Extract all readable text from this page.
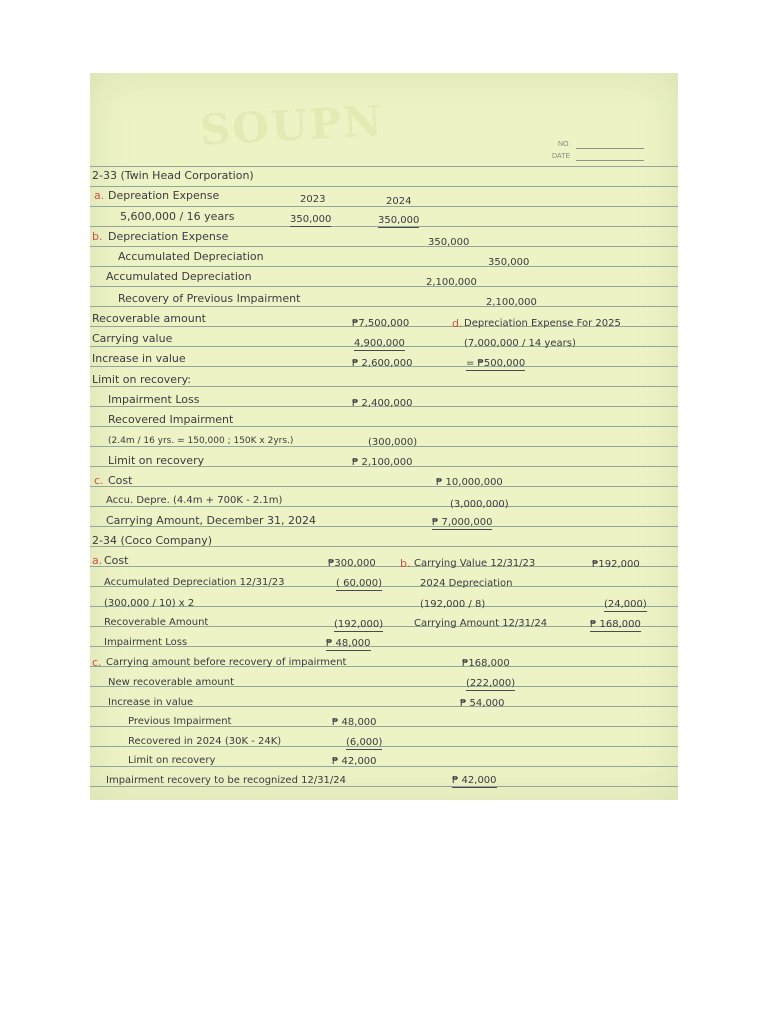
SOUPN	NO.
DATE
2-33 (Twin Head Corporation)
a. Depreation Expense	2023	2024
5,600,000 / 16 years	350,000	350,000
b. Depreciation Expense	350,000
Accumulated Depreciation	350,000
Accumulated Depreciation	2,100,000
Recovery of Previous Impairment	2,100,000
Recoverable amount	₱7,500,000	d. Depreciation Expense For 2025
Carrying value	4,900,000	(7,000,000 / 14 years)
Increase in value	₱ 2,600,000	= ₱500,000
Limit on recovery:
Impairment Loss	₱ 2,400,000
Recovered Impairment
(2.4m / 16 yrs. = 150,000 ; 150K x 2yrs.)	(300,000)
Limit on recovery	₱ 2,100,000
c. Cost	₱ 10,000,000
Accu. Depre. (4.4m + 700K - 2.1m)	(3,000,000)
Carrying Amount, December 31, 2024	₱ 7,000,000
2-34 (Coco Company)
a. Cost	₱300,000 b. Carrying Value 12/31/23	₱192,000
Accumulated Depreciation 12/31/23	( 60,000)	2024 Depreciation
(300,000 / 10) x 2	(192,000 / 8)	(24,000)
Recoverable Amount	(192,000)	Carrying Amount 12/31/24	₱ 168,000
Impairment Loss	₱ 48,000
c. Carrying amount before recovery of impairment	₱168,000
New recoverable amount	(222,000)
Increase in value	₱ 54,000
Previous Impairment	₱ 48,000
Recovered in 2024 (30K - 24K)	(6,000)
Limit on recovery	₱ 42,000
Impairment recovery to be recognized 12/31/24	₱ 42,000
